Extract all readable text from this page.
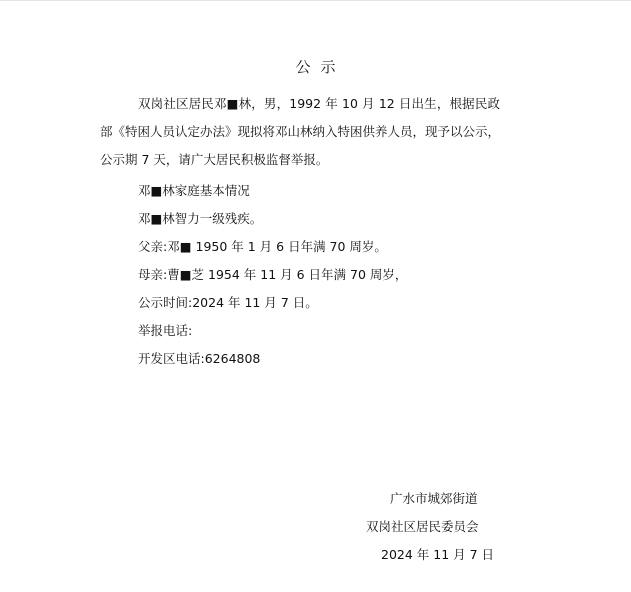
公示

双岗社区居民邓■林，男，1992 年 10 月 12 日出生，根据民政部《特困人员认定办法》现拟将邓山林纳入特困供养人员，现予以公示，公示期 7 天，请广大居民积极监督举报。

邓■林家庭基本情况
邓■林智力一级残疾。
父亲:邓■ 1950 年 1 月 6 日年满 70 周岁。
母亲:曹■芝 1954 年 11 月 6 日年满 70 周岁，
公示时间:2024 年 11 月 7 日。
举报电话:
开发区电话:6264808
广水市城郊街道
双岗社区居民委员会
2024 年 11 月 7 日
